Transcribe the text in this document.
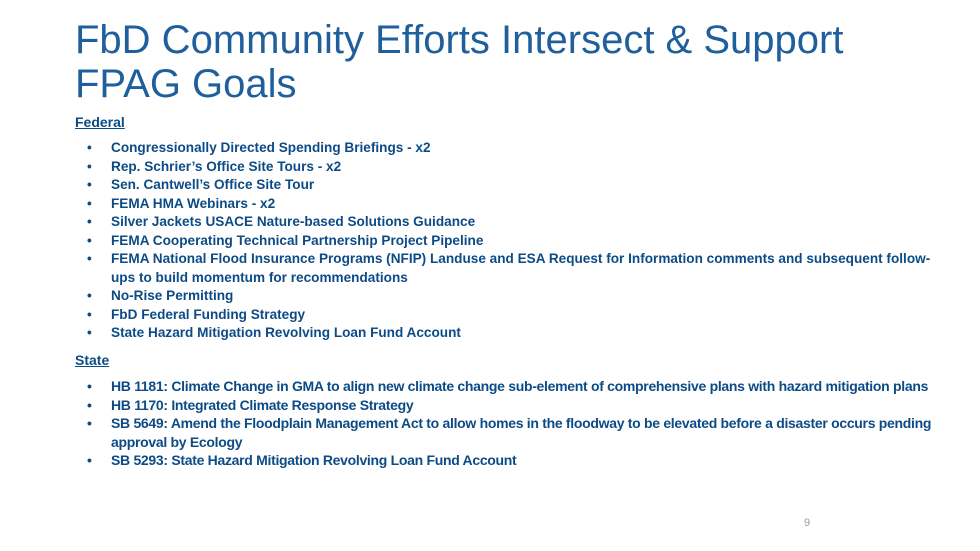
FbD Community Efforts Intersect & Support FPAG Goals

Federal

• Congressionally Directed Spending Briefings - x2
• Rep. Schrier’s Office Site Tours - x2
• Sen. Cantwell’s Office Site Tour
• FEMA HMA Webinars - x2
• Silver Jackets USACE Nature-based Solutions Guidance
• FEMA Cooperating Technical Partnership Project Pipeline
• FEMA National Flood Insurance Programs (NFIP) Landuse and ESA Request for Information comments and subsequent follow-ups to build momentum for recommendations
• No-Rise Permitting
• FbD Federal Funding Strategy
• State Hazard Mitigation Revolving Loan Fund Account

State

• HB 1181: Climate Change in GMA to align new climate change sub-element of comprehensive plans with hazard mitigation plans
• HB 1170: Integrated Climate Response Strategy
• SB 5649: Amend the Floodplain Management Act to allow homes in the floodway to be elevated before a disaster occurs pending approval by Ecology
• SB 5293: State Hazard Mitigation Revolving Loan Fund Account
9
